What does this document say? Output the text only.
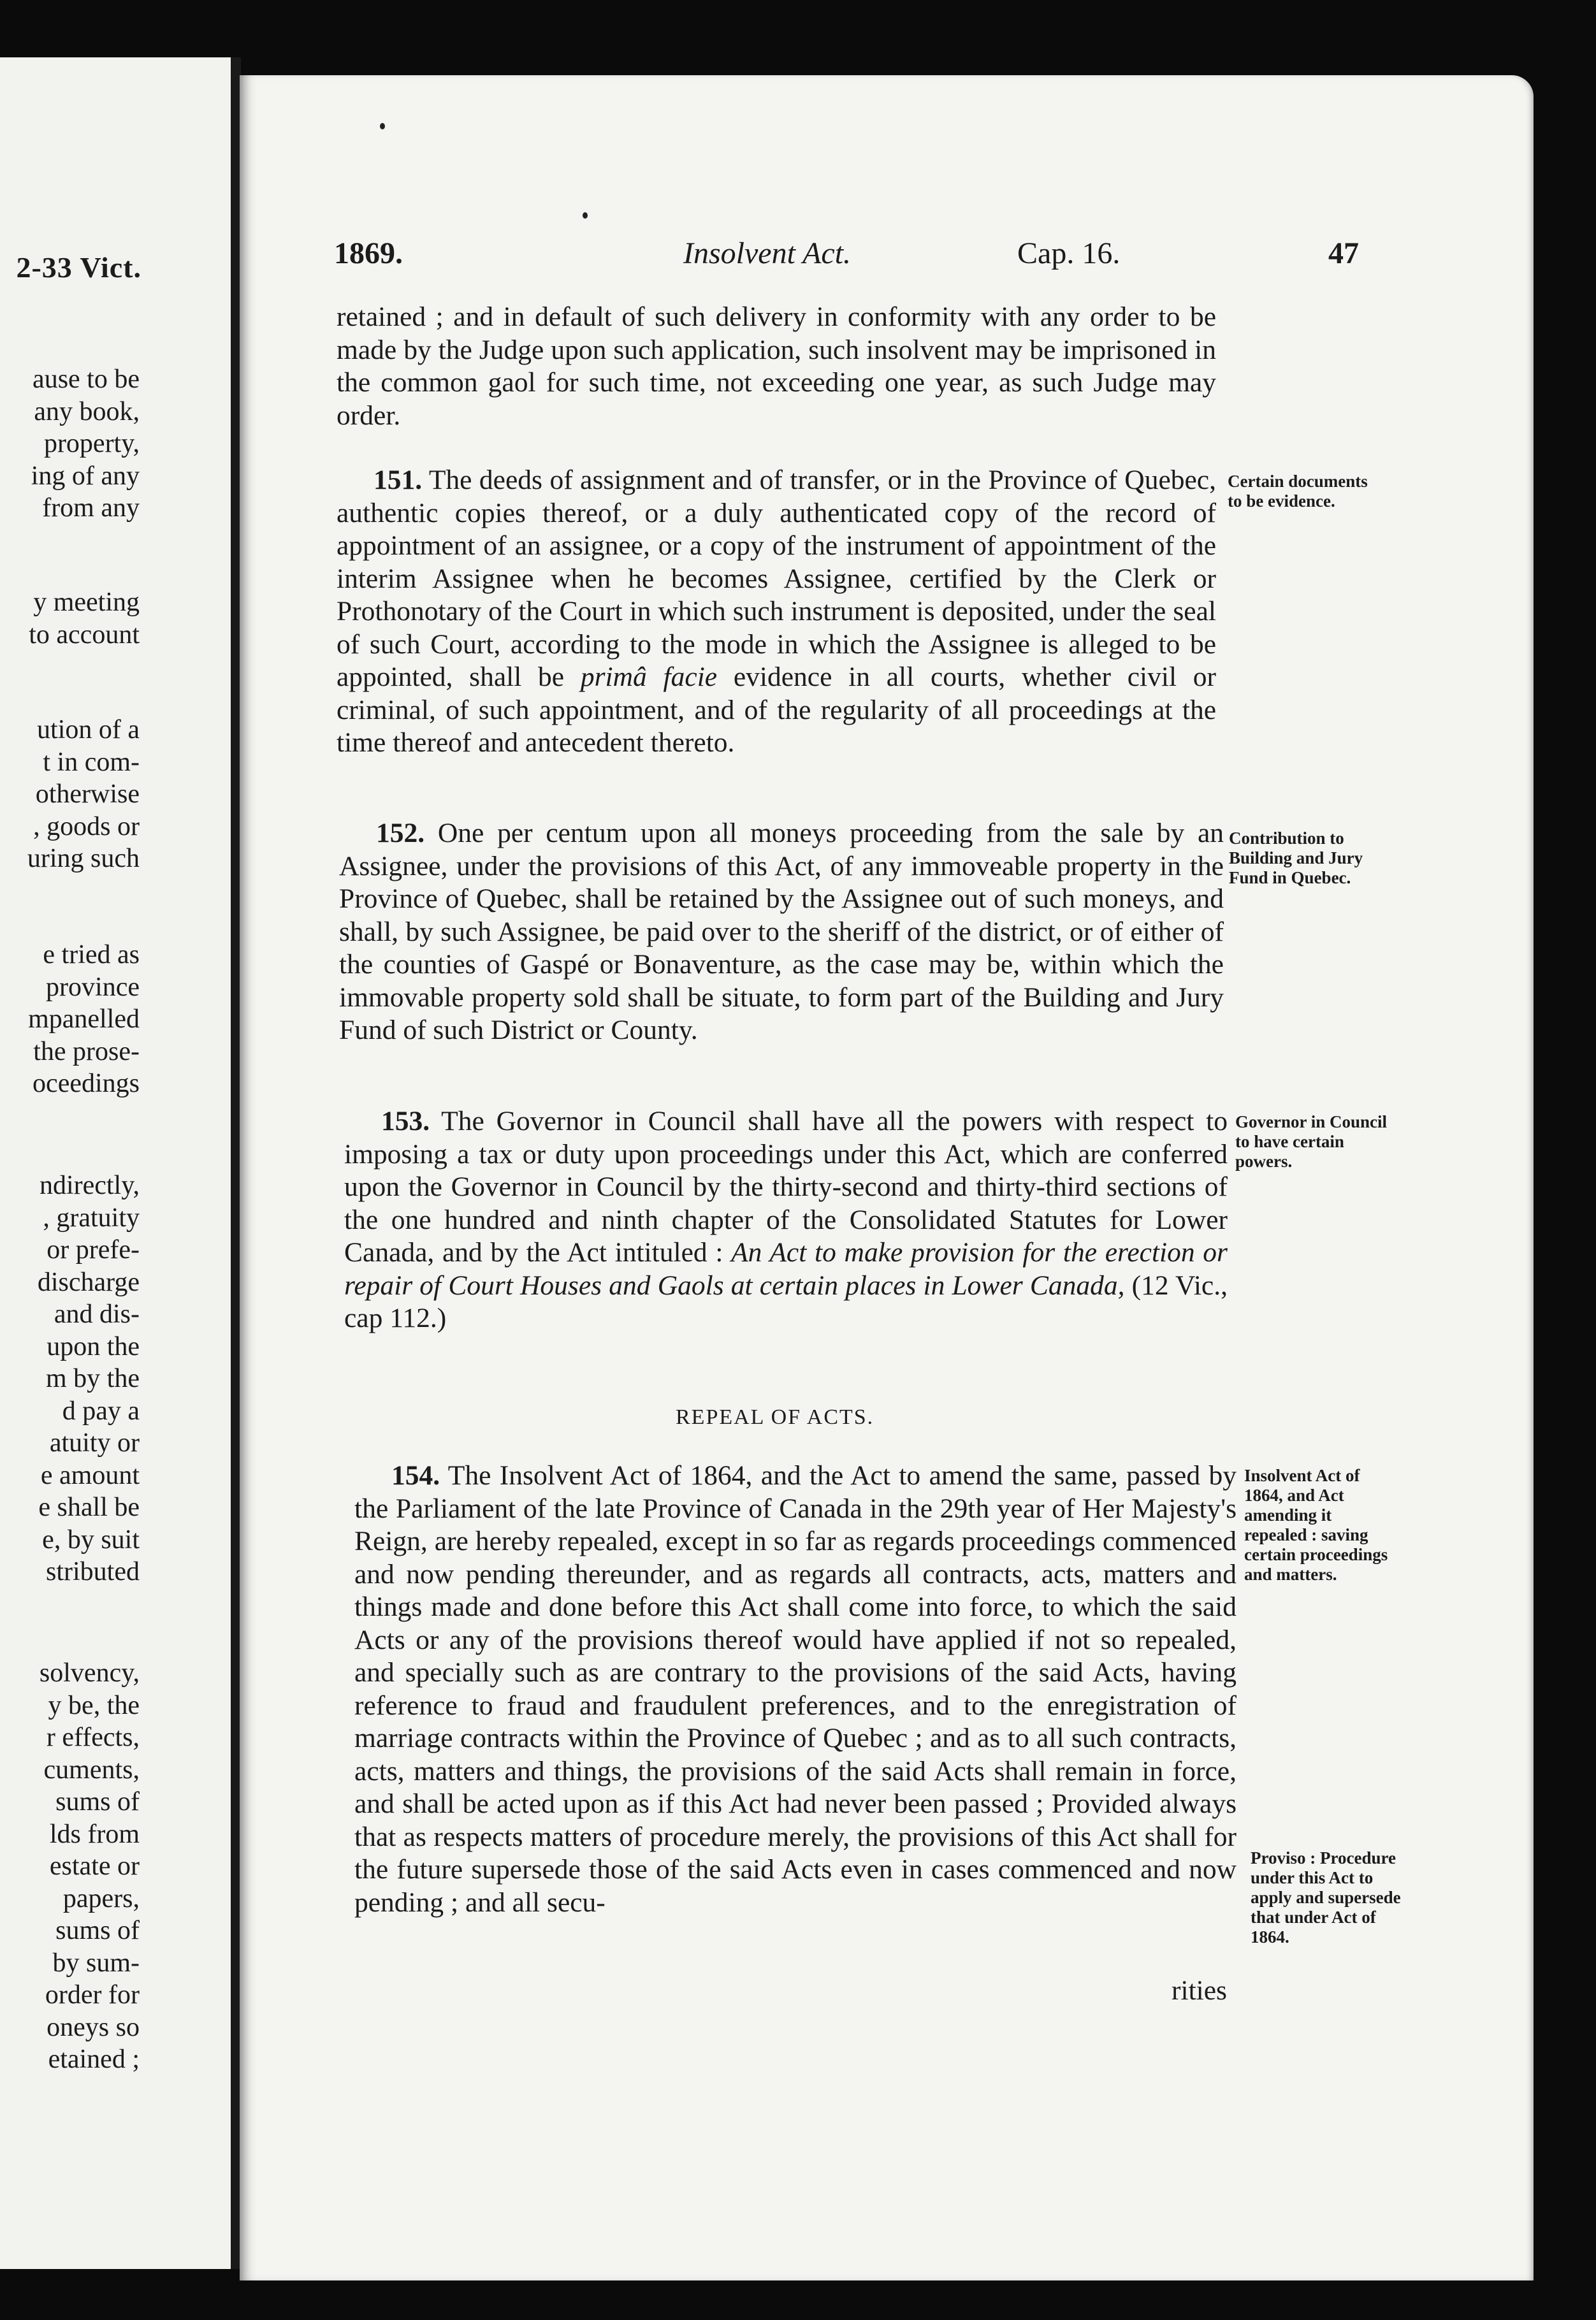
2-33 Vict.
ause to be
any book,
property,
ing of any
from any
y meeting
to account
ution of a
t in com-
otherwise
, goods or
uring such
e tried as
province
mpanelled
the prose-
oceedings
ndirectly,
, gratuity
or prefe-
discharge
and dis-
upon the
m by the
d pay a
atuity or
e amount
e shall be
e, by suit
stributed
solvency,
y be, the
r effects,
cuments,
sums of
lds from
estate or
papers,
sums of
by sum-
order for
oneys so
etained ;
1869.	Insolvent Act.	Cap. 16.	47

retained ; and in default of such delivery in conformity with any order to be made by the Judge upon such application, such insolvent may be imprisoned in the common gaol for such time, not exceeding one year, as such Judge may order.

151. The deeds of assignment and of transfer, or in the Province of Quebec, authentic copies thereof, or a duly authenticated copy of the record of appointment of an assignee, or a copy of the instrument of appointment of the interim Assignee when he becomes Assignee, certified by the Clerk or Prothonotary of the Court in which such instrument is deposited, under the seal of such Court, according to the mode in which the Assignee is alleged to be appointed, shall be primâ facie evidence in all courts, whether civil or criminal, of such appointment, and of the regularity of all proceedings at the time thereof and antecedent thereto.

Certain documents to be evidence.

152. One per centum upon all moneys proceeding from the sale by an Assignee, under the provisions of this Act, of any immoveable property in the Province of Quebec, shall be retained by the Assignee out of such moneys, and shall, by such Assignee, be paid over to the sheriff of the district, or of either of the counties of Gaspé or Bonaventure, as the case may be, within which the immovable property sold shall be situate, to form part of the Building and Jury Fund of such District or County.

Contribution to Building and Jury Fund in Quebec.

153. The Governor in Council shall have all the powers with respect to imposing a tax or duty upon proceedings under this Act, which are conferred upon the Governor in Council by the thirty-second and thirty-third sections of the one hundred and ninth chapter of the Consolidated Statutes for Lower Canada, and by the Act intituled : An Act to make provision for the erection or repair of Court Houses and Gaols at certain places in Lower Canada, (12 Vic., cap 112.)

Governor in Council to have certain powers.
REPEAL OF ACTS.

154. The Insolvent Act of 1864, and the Act to amend the same, passed by the Parliament of the late Province of Canada in the 29th year of Her Majesty's Reign, are hereby repealed, except in so far as regards proceedings commenced and now pending thereunder, and as regards all contracts, acts, matters and things made and done before this Act shall come into force, to which the said Acts or any of the provisions thereof would have applied if not so repealed, and specially such as are contrary to the provisions of the said Acts, having reference to fraud and fraudulent preferences, and to the enregistration of marriage contracts within the Province of Quebec ; and as to all such contracts, acts, matters and things, the provisions of the said Acts shall remain in force, and shall be acted upon as if this Act had never been passed ; Provided always that as respects matters of procedure merely, the provisions of this Act shall for the future supersede those of the said Acts even in cases commenced and now pending ; and all secu-

Insolvent Act of 1864, and Act amending it repealed : saving certain proceedings and matters.
Proviso : Procedure under this Act to apply and supersede that under Act of 1864.
rities
